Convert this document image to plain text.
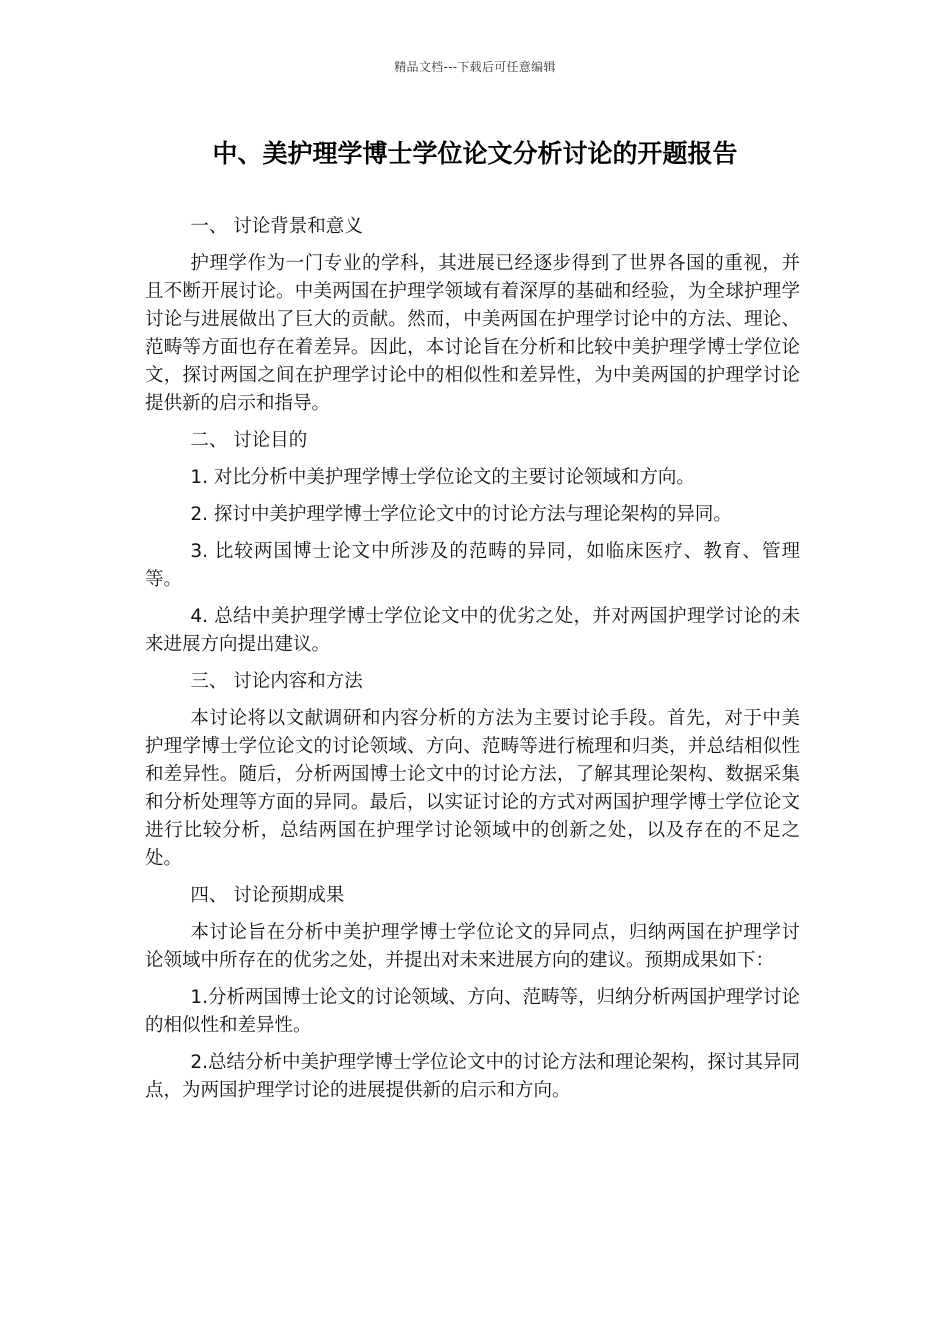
精品文档---下载后可任意编辑
中、美护理学博士学位论文分析讨论的开题报告

一、 讨论背景和意义

护理学作为一门专业的学科，其进展已经逐步得到了世界各国的重视，并且不断开展讨论。中美两国在护理学领域有着深厚的基础和经验，为全球护理学讨论与进展做出了巨大的贡献。然而，中美两国在护理学讨论中的方法、理论、范畴等方面也存在着差异。因此，本讨论旨在分析和比较中美护理学博士学位论文，探讨两国之间在护理学讨论中的相似性和差异性，为中美两国的护理学讨论提供新的启示和指导。

二、 讨论目的

1. 对比分析中美护理学博士学位论文的主要讨论领域和方向。

2. 探讨中美护理学博士学位论文中的讨论方法与理论架构的异同。

3. 比较两国博士论文中所涉及的范畴的异同，如临床医疗、教育、管理等。

4. 总结中美护理学博士学位论文中的优劣之处，并对两国护理学讨论的未来进展方向提出建议。

三、 讨论内容和方法

本讨论将以文献调研和内容分析的方法为主要讨论手段。首先，对于中美护理学博士学位论文的讨论领域、方向、范畴等进行梳理和归类，并总结相似性和差异性。随后，分析两国博士论文中的讨论方法，了解其理论架构、数据采集和分析处理等方面的异同。最后，以实证讨论的方式对两国护理学博士学位论文进行比较分析，总结两国在护理学讨论领域中的创新之处，以及存在的不足之处。

四、 讨论预期成果

本讨论旨在分析中美护理学博士学位论文的异同点，归纳两国在护理学讨论领域中所存在的优劣之处，并提出对未来进展方向的建议。预期成果如下：

1.分析两国博士论文的讨论领域、方向、范畴等，归纳分析两国护理学讨论的相似性和差异性。

2.总结分析中美护理学博士学位论文中的讨论方法和理论架构，探讨其异同点，为两国护理学讨论的进展提供新的启示和方向。
